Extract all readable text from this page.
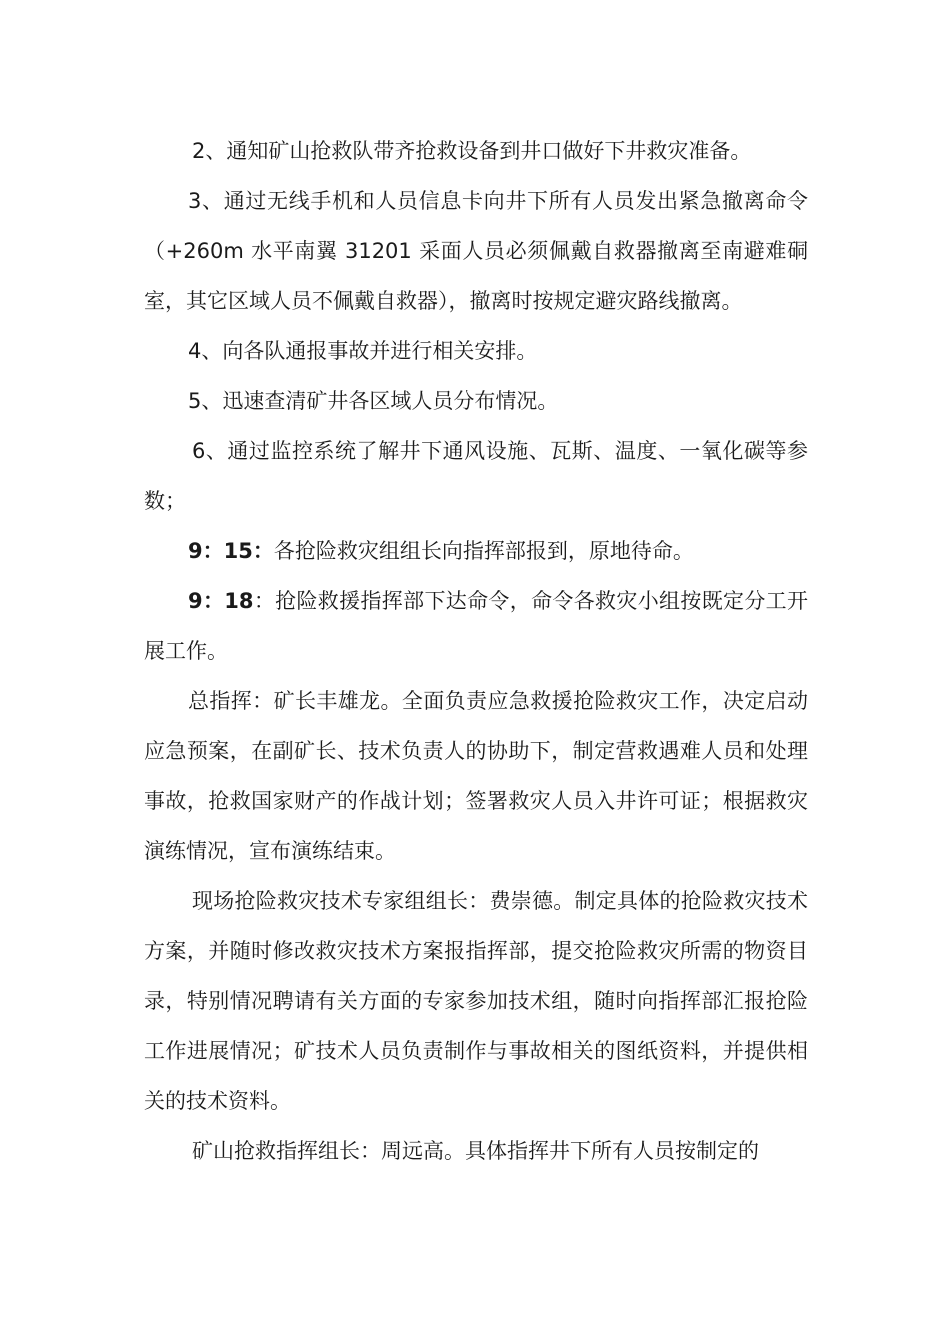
2、通知矿山抢救队带齐抢救设备到井口做好下井救灾准备。

3、通过无线手机和人员信息卡向井下所有人员发出紧急撤离命令（+260m 水平南翼 31201 采面人员必须佩戴自救器撤离至南避难硐室，其它区域人员不佩戴自救器），撤离时按规定避灾路线撤离。

4、向各队通报事故并进行相关安排。

5、迅速查清矿井各区域人员分布情况。

6、通过监控系统了解井下通风设施、瓦斯、温度、一氧化碳等参数；

9：15：各抢险救灾组组长向指挥部报到，原地待命。

9：18：抢险救援指挥部下达命令，命令各救灾小组按既定分工开展工作。

总指挥：矿长丰雄龙。全面负责应急救援抢险救灾工作，决定启动应急预案，在副矿长、技术负责人的协助下，制定营救遇难人员和处理事故，抢救国家财产的作战计划；签署救灾人员入井许可证；根据救灾演练情况，宣布演练结束。

现场抢险救灾技术专家组组长：费崇德。制定具体的抢险救灾技术方案，并随时修改救灾技术方案报指挥部，提交抢险救灾所需的物资目录，特别情况聘请有关方面的专家参加技术组，随时向指挥部汇报抢险工作进展情况；矿技术人员负责制作与事故相关的图纸资料，并提供相关的技术资料。

矿山抢救指挥组长：周远高。具体指挥井下所有人员按制定的
